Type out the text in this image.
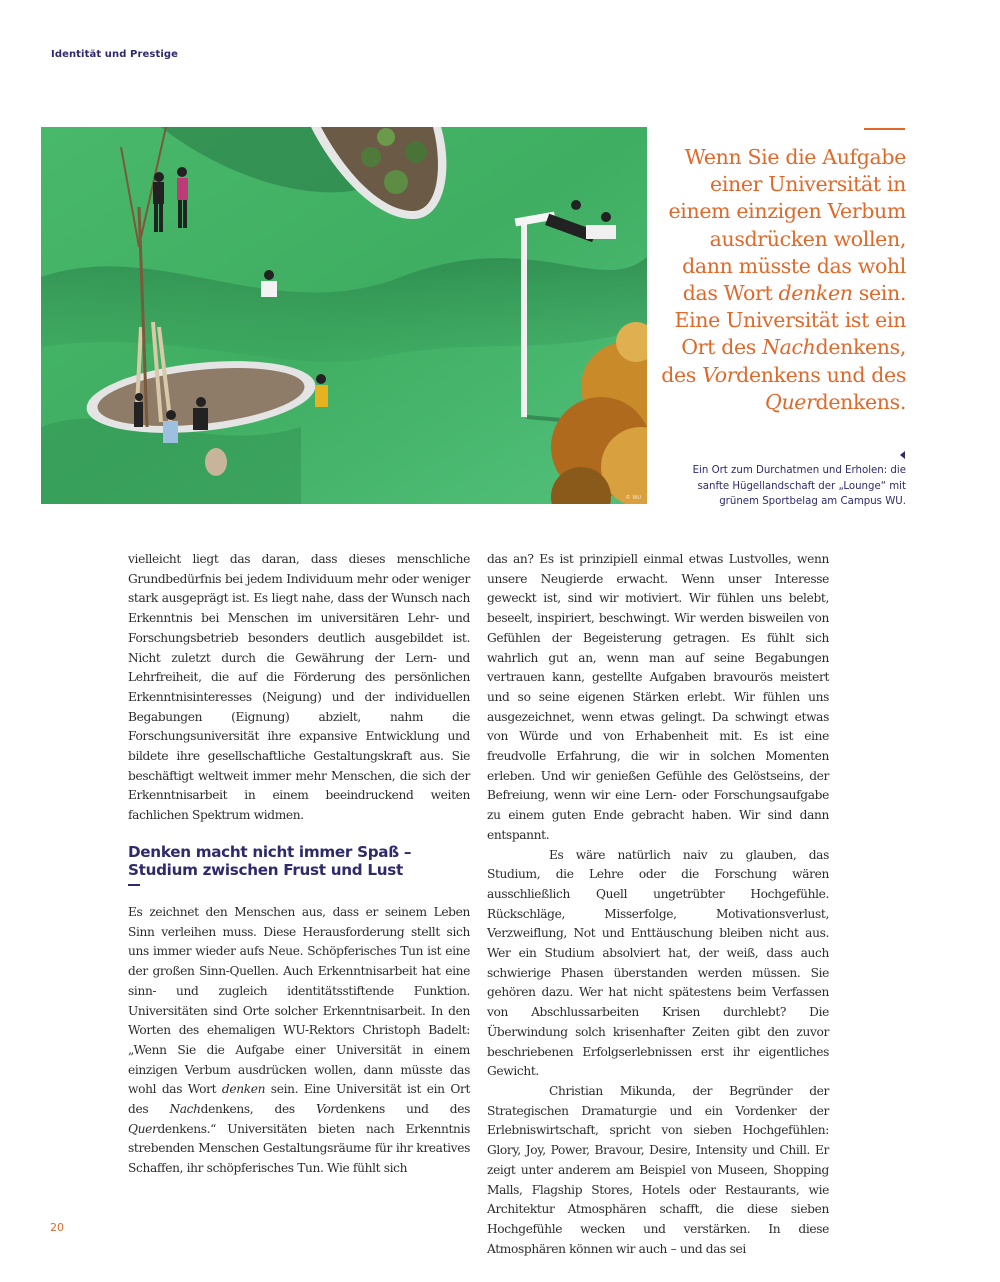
Identität und Prestige
© WU
Wenn Sie die Aufgabe einer Universität in einem einzigen Verbum ausdrücken wollen, dann müsste das wohl das Wort denken sein. Eine Universität ist ein Ort des Nachdenkens, des Vordenkens und des Querdenkens.
Ein Ort zum Durchatmen und Erholen: die sanfte Hügellandschaft der „Lounge“ mit grünem Sportbelag am Campus WU.

vielleicht liegt das daran, dass dieses menschliche Grundbedürfnis bei jedem Individuum mehr oder weniger stark ausgeprägt ist. Es liegt nahe, dass der Wunsch nach Erkenntnis bei Menschen im universitären Lehr- und Forschungsbetrieb besonders deutlich ausgebildet ist. Nicht zuletzt durch die Gewährung der Lern- und Lehrfreiheit, die auf die Förderung des persönlichen Erkenntnisinteresses (Neigung) und der individuellen Begabungen (Eignung) abzielt, nahm die Forschungsuniversität ihre expansive Entwicklung und bildete ihre gesellschaftliche Gestaltungskraft aus. Sie beschäftigt weltweit immer mehr Menschen, die sich der Erkenntnisarbeit in einem beeindruckend weiten fachlichen Spektrum widmen.

Denken macht nicht immer Spaß –
Studium zwischen Frust und Lust

Es zeichnet den Menschen aus, dass er seinem Leben Sinn verleihen muss. Diese Herausforderung stellt sich uns immer wieder aufs Neue. Schöpferisches Tun ist eine der großen Sinn-Quellen. Auch Erkenntnisarbeit hat eine sinn- und zugleich identitätsstiftende Funktion. Universitäten sind Orte solcher Erkenntnisarbeit. In den Worten des ehemaligen WU-Rektors Christoph Badelt: „Wenn Sie die Aufgabe einer Universität in einem einzigen Verbum ausdrücken wollen, dann müsste das wohl das Wort denken sein. Eine Universität ist ein Ort des Nachdenkens, des Vordenkens und des Querdenkens.“ Universitäten bieten nach Erkenntnis strebenden Menschen Gestaltungsräume für ihr kreatives Schaffen, ihr schöpferisches Tun. Wie fühlt sich

das an? Es ist prinzipiell einmal etwas Lustvolles, wenn unsere Neugierde erwacht. Wenn unser Interesse geweckt ist, sind wir motiviert. Wir fühlen uns belebt, beseelt, inspiriert, beschwingt. Wir werden bisweilen von Gefühlen der Begeisterung getragen. Es fühlt sich wahrlich gut an, wenn man auf seine Begabungen vertrauen kann, gestellte Aufgaben bravourös meistert und so seine eigenen Stärken erlebt. Wir fühlen uns ausgezeichnet, wenn etwas gelingt. Da schwingt etwas von Würde und von Erhabenheit mit. Es ist eine freudvolle Erfahrung, die wir in solchen Momenten erleben. Und wir genießen Gefühle des Gelöstseins, der Befreiung, wenn wir eine Lern- oder Forschungsaufgabe zu einem guten Ende gebracht haben. Wir sind dann entspannt.

Es wäre natürlich naiv zu glauben, das Studium, die Lehre oder die Forschung wären ausschließlich Quell ungetrübter Hochgefühle. Rückschläge, Misserfolge, Motivationsverlust, Verzweiflung, Not und Enttäuschung bleiben nicht aus. Wer ein Studium absolviert hat, der weiß, dass auch schwierige Phasen überstanden werden müssen. Sie gehören dazu. Wer hat nicht spätestens beim Verfassen von Abschlussarbeiten Krisen durchlebt? Die Überwindung solch krisenhafter Zeiten gibt den zuvor beschriebenen Erfolgserlebnissen erst ihr eigentliches Gewicht.

Christian Mikunda, der Begründer der Strategischen Dramaturgie und ein Vordenker der Erlebniswirtschaft, spricht von sieben Hochgefühlen: Glory, Joy, Power, Bravour, Desire, Intensity und Chill. Er zeigt unter anderem am Beispiel von Museen, Shopping Malls, Flagship Stores, Hotels oder Restaurants, wie Architektur Atmosphären schafft, die diese sieben Hochgefühle wecken und verstärken. In diese Atmosphären können wir auch – und das sei

20
